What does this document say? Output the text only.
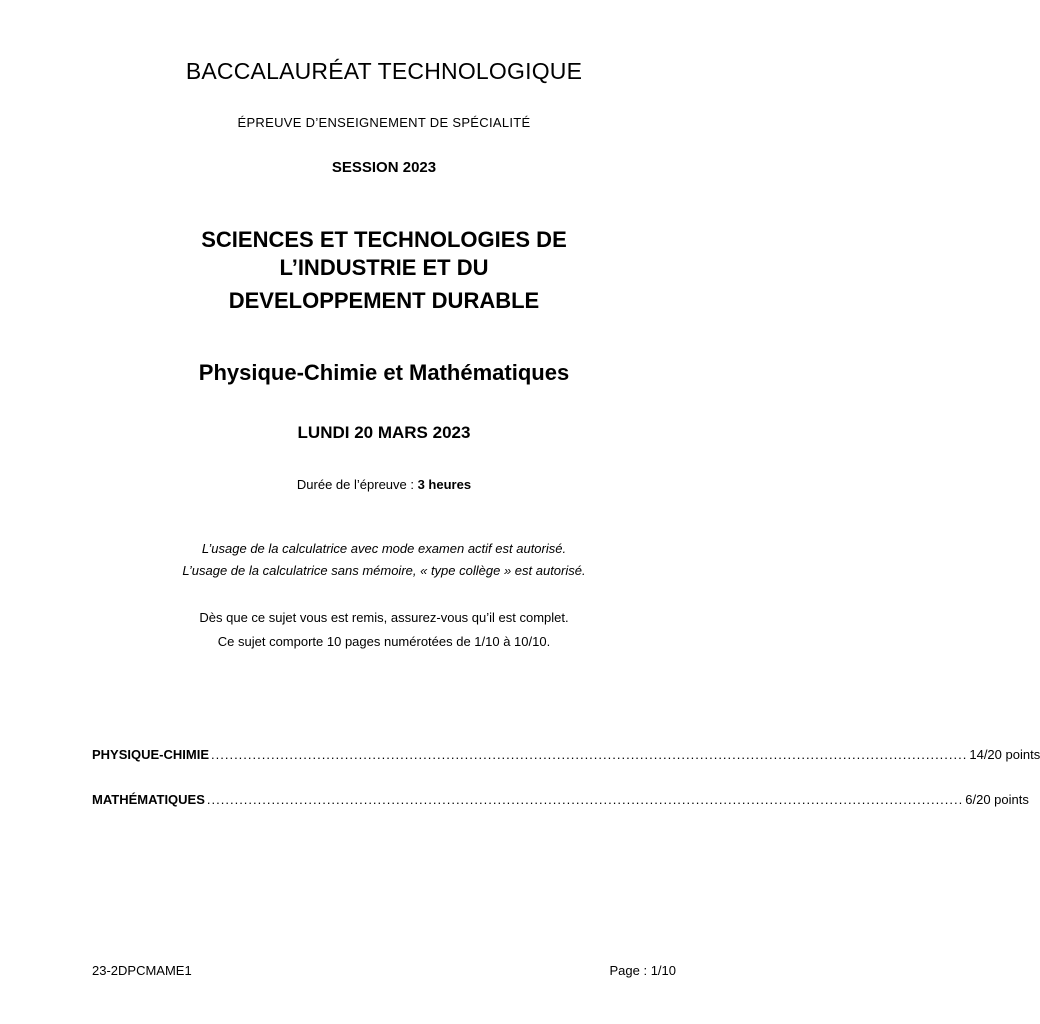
BACCALAURÉAT TECHNOLOGIQUE
ÉPREUVE D’ENSEIGNEMENT DE SPÉCIALITÉ
SESSION 2023
SCIENCES ET TECHNOLOGIES DE
L’INDUSTRIE ET DU
DEVELOPPEMENT DURABLE
Physique-Chimie et Mathématiques
LUNDI 20 MARS 2023
Durée de l’épreuve : 3 heures
L’usage de la calculatrice avec mode examen actif est autorisé.
L’usage de la calculatrice sans mémoire, « type collège » est autorisé.
Dès que ce sujet vous est remis, assurez-vous qu’il est complet.
Ce sujet comporte 10 pages numérotées de 1/10 à 10/10.
PHYSIQUE-CHIMIE .................................................................................................................................................................... 14/20 points
MATHÉMATIQUES .................................................................................................................................................................... 6/20 points
23-2DPCMAME1	Page : 1/10
